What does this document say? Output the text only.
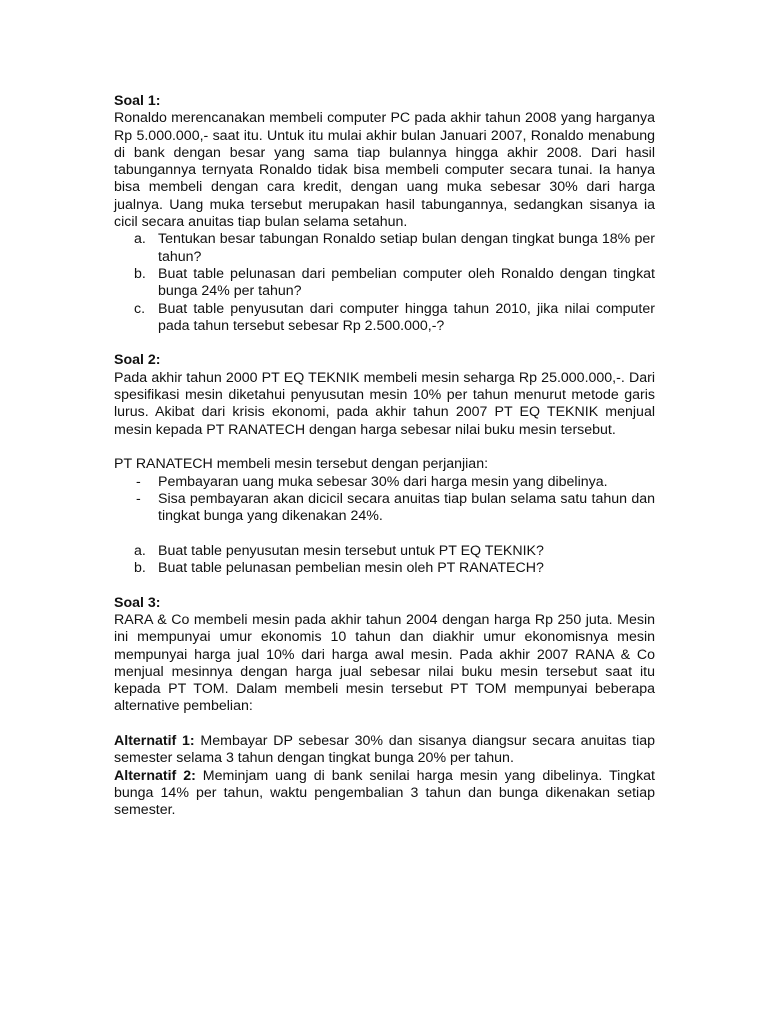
Soal 1:

Ronaldo merencanakan membeli computer PC pada akhir tahun 2008 yang harganya Rp 5.000.000,- saat itu. Untuk itu mulai akhir bulan Januari 2007, Ronaldo menabung di bank dengan besar yang sama tiap bulannya hingga akhir 2008. Dari hasil tabungannya ternyata Ronaldo tidak bisa membeli computer secara tunai. Ia hanya bisa membeli dengan cara kredit, dengan uang muka sebesar 30% dari harga jualnya. Uang muka tersebut merupakan hasil tabungannya, sedangkan sisanya ia cicil secara anuitas tiap bulan selama setahun.

a. Tentukan besar tabungan Ronaldo setiap bulan dengan tingkat bunga 18% per tahun?
b. Buat table pelunasan dari pembelian computer oleh Ronaldo dengan tingkat bunga 24% per tahun?
c. Buat table penyusutan dari computer hingga tahun 2010, jika nilai computer pada tahun tersebut sebesar Rp 2.500.000,-?
Soal 2:

Pada akhir tahun 2000 PT EQ TEKNIK membeli mesin seharga Rp 25.000.000,-. Dari spesifikasi mesin diketahui penyusutan mesin 10% per tahun menurut metode garis lurus. Akibat dari krisis ekonomi, pada akhir tahun 2007 PT EQ TEKNIK menjual mesin kepada PT RANATECH dengan harga sebesar nilai buku mesin tersebut.

PT RANATECH membeli mesin tersebut dengan perjanjian:

- Pembayaran uang muka sebesar 30% dari harga mesin yang dibelinya.
- Sisa pembayaran akan dicicil secara anuitas tiap bulan selama satu tahun dan tingkat bunga yang dikenakan 24%.
a. Buat table penyusutan mesin tersebut untuk PT EQ TEKNIK?
b. Buat table pelunasan pembelian mesin oleh PT RANATECH?
Soal 3:

RARA & Co membeli mesin pada akhir tahun 2004 dengan harga Rp 250 juta. Mesin ini mempunyai umur ekonomis 10 tahun dan diakhir umur ekonomisnya mesin mempunyai harga jual 10% dari harga awal mesin. Pada akhir 2007 RANA & Co menjual mesinnya dengan harga jual sebesar nilai buku mesin tersebut saat itu kepada PT TOM. Dalam membeli mesin tersebut PT TOM mempunyai beberapa alternative pembelian:

Alternatif 1: Membayar DP sebesar 30% dan sisanya diangsur secara anuitas tiap semester selama 3 tahun dengan tingkat bunga 20% per tahun.

Alternatif 2: Meminjam uang di bank senilai harga mesin yang dibelinya. Tingkat bunga 14% per tahun, waktu pengembalian 3 tahun dan bunga dikenakan setiap semester.
